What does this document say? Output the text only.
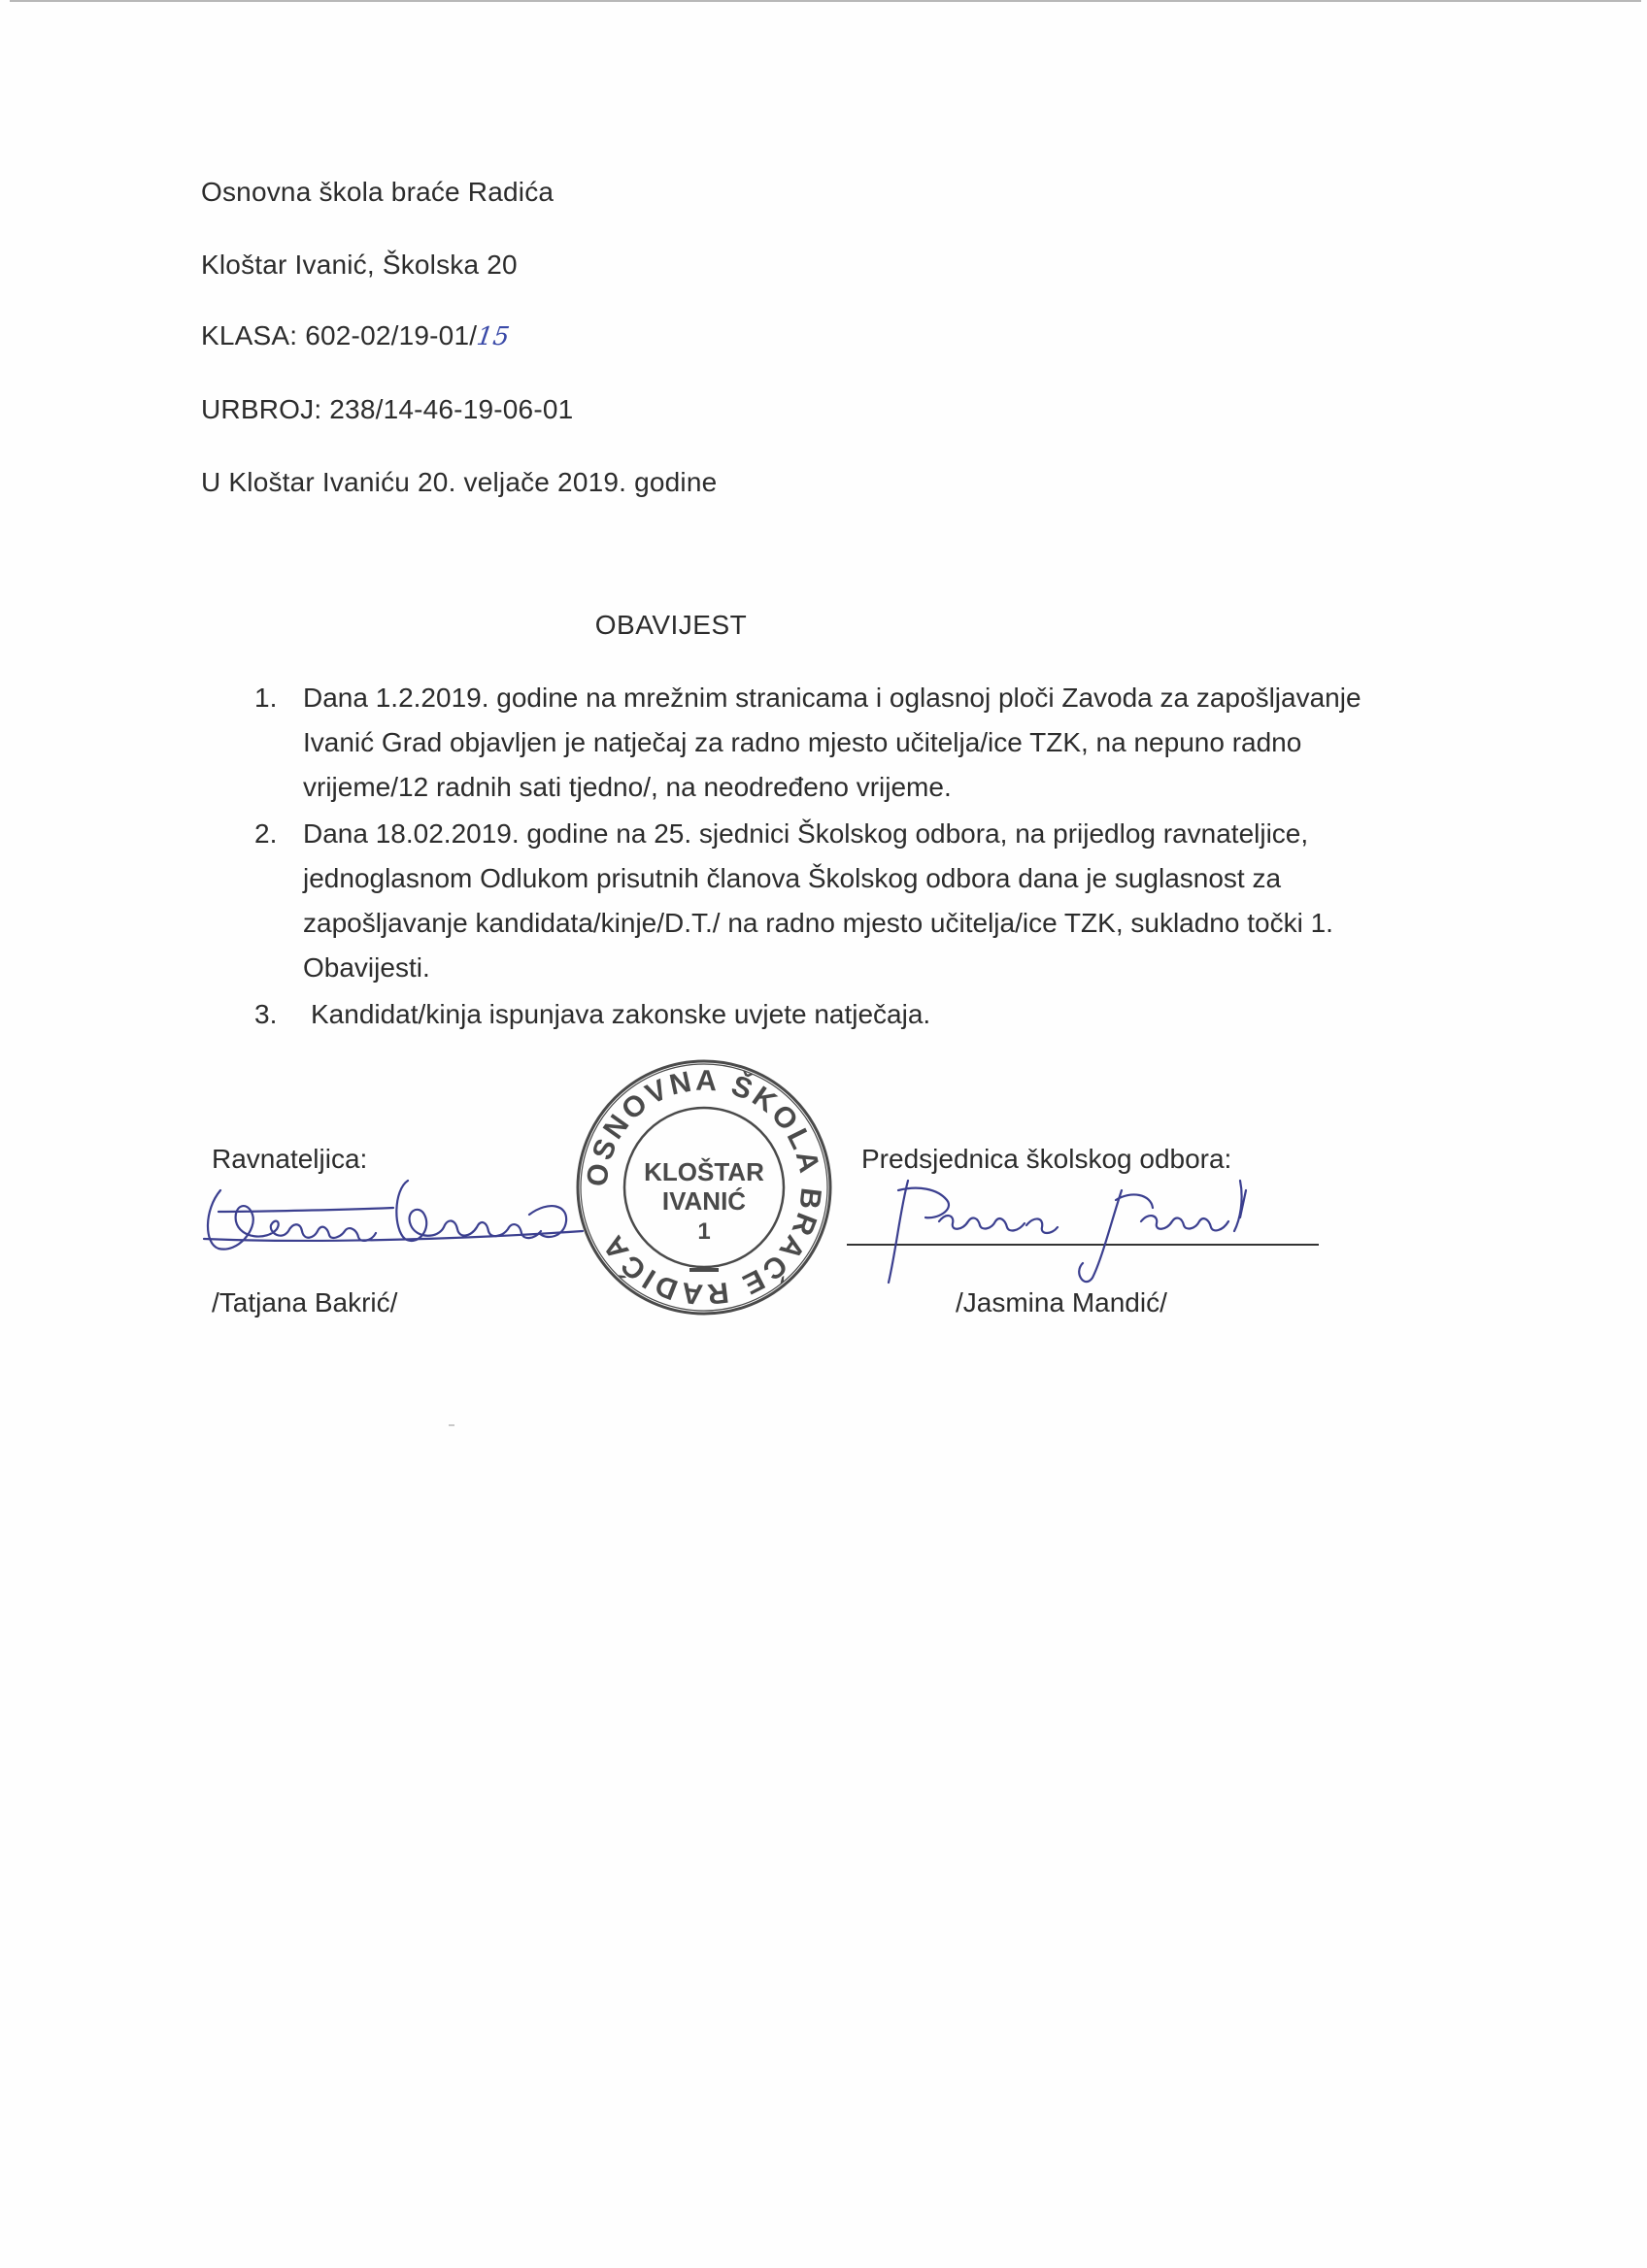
Osnovna škola braće Radića
Kloštar Ivanić, Školska 20
KLASA: 602-02/19-01/15
URBROJ: 238/14-46-19-06-01
U Kloštar Ivaniću 20. veljače 2019. godine
OBAVIJEST
1. Dana 1.2.2019. godine na mrežnim stranicama i oglasnoj ploči Zavoda za zapošljavanje Ivanić Grad objavljen je natječaj za radno mjesto učitelja/ice TZK, na nepuno radno vrijeme/12 radnih sati tjedno/, na neodređeno vrijeme.
2. Dana 18.02.2019. godine na 25. sjednici Školskog odbora, na prijedlog ravnateljice, jednoglasnom Odlukom prisutnih članova Školskog odbora dana je suglasnost za zapošljavanje kandidata/kinje/D.T./ na radno mjesto učitelja/ice TZK, sukladno točki 1. Obavijesti.
3. Kandidat/kinja ispunjava zakonske uvjete natječaja.
Ravnateljica:
/Tatjana Bakrić/
Predsjednica školskog odbora:
/Jasmina Mandić/
OSNOVNA ŠKOLA BRAĆE RADIĆA
KLOŠTAR
IVANIĆ
1
